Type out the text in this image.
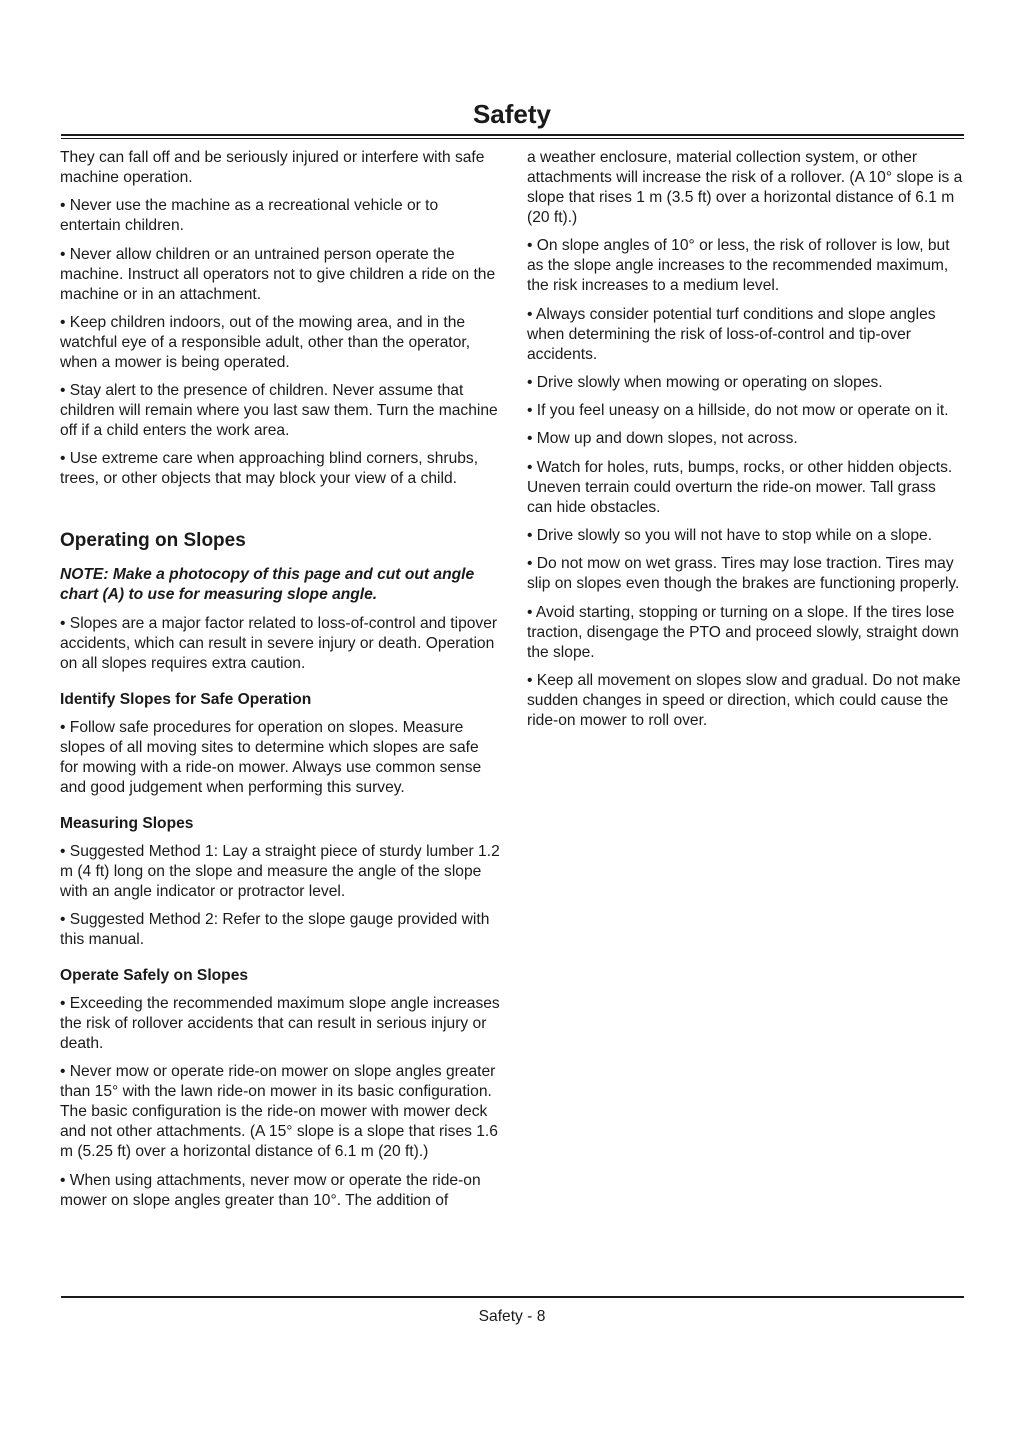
Safety

They can fall off and be seriously injured or interfere with safe machine operation.

• Never use the machine as a recreational vehicle or to entertain children.

• Never allow children or an untrained person operate the machine. Instruct all operators not to give children a ride on the machine or in an attachment.

• Keep children indoors, out of the mowing area, and in the watchful eye of a responsible adult, other than the operator, when a mower is being operated.

• Stay alert to the presence of children. Never assume that children will remain where you last saw them. Turn the machine off if a child enters the work area.

• Use extreme care when approaching blind corners, shrubs, trees, or other objects that may block your view of a child.

Operating on Slopes

NOTE: Make a photocopy of this page and cut out angle chart (A) to use for measuring slope angle.

• Slopes are a major factor related to loss-of-control and tipover accidents, which can result in severe injury or death. Operation on all slopes requires extra caution.

Identify Slopes for Safe Operation

• Follow safe procedures for operation on slopes. Measure slopes of all moving sites to determine which slopes are safe for mowing with a ride-on mower. Always use common sense and good judgement when performing this survey.

Measuring Slopes

• Suggested Method 1: Lay a straight piece of sturdy lumber 1.2 m (4 ft) long on the slope and measure the angle of the slope with an angle indicator or protractor level.

• Suggested Method 2: Refer to the slope gauge provided with this manual.

Operate Safely on Slopes

• Exceeding the recommended maximum slope angle increases the risk of rollover accidents that can result in serious injury or death.

• Never mow or operate ride-on mower on slope angles greater than 15° with the lawn ride-on mower in its basic configuration. The basic configuration is the ride-on mower with mower deck and not other attachments. (A 15° slope is a slope that rises 1.6 m (5.25 ft) over a horizontal distance of 6.1 m (20 ft).)

• When using attachments, never mow or operate the ride-on mower on slope angles greater than 10°. The addition of

a weather enclosure, material collection system, or other attachments will increase the risk of a rollover. (A 10° slope is a slope that rises 1 m (3.5 ft) over a horizontal distance of 6.1 m (20 ft).)

• On slope angles of 10° or less, the risk of rollover is low, but as the slope angle increases to the recommended maximum, the risk increases to a medium level.

• Always consider potential turf conditions and slope angles when determining the risk of loss-of-control and tip-over accidents.

• Drive slowly when mowing or operating on slopes.

• If you feel uneasy on a hillside, do not mow or operate on it.

• Mow up and down slopes, not across.

• Watch for holes, ruts, bumps, rocks, or other hidden objects. Uneven terrain could overturn the ride-on mower. Tall grass can hide obstacles.

• Drive slowly so you will not have to stop while on a slope.

• Do not mow on wet grass. Tires may lose traction. Tires may slip on slopes even though the brakes are functioning properly.

• Avoid starting, stopping or turning on a slope. If the tires lose traction, disengage the PTO and proceed slowly, straight down the slope.

• Keep all movement on slopes slow and gradual. Do not make sudden changes in speed or direction, which could cause the ride-on mower to roll over.

Safety - 8
